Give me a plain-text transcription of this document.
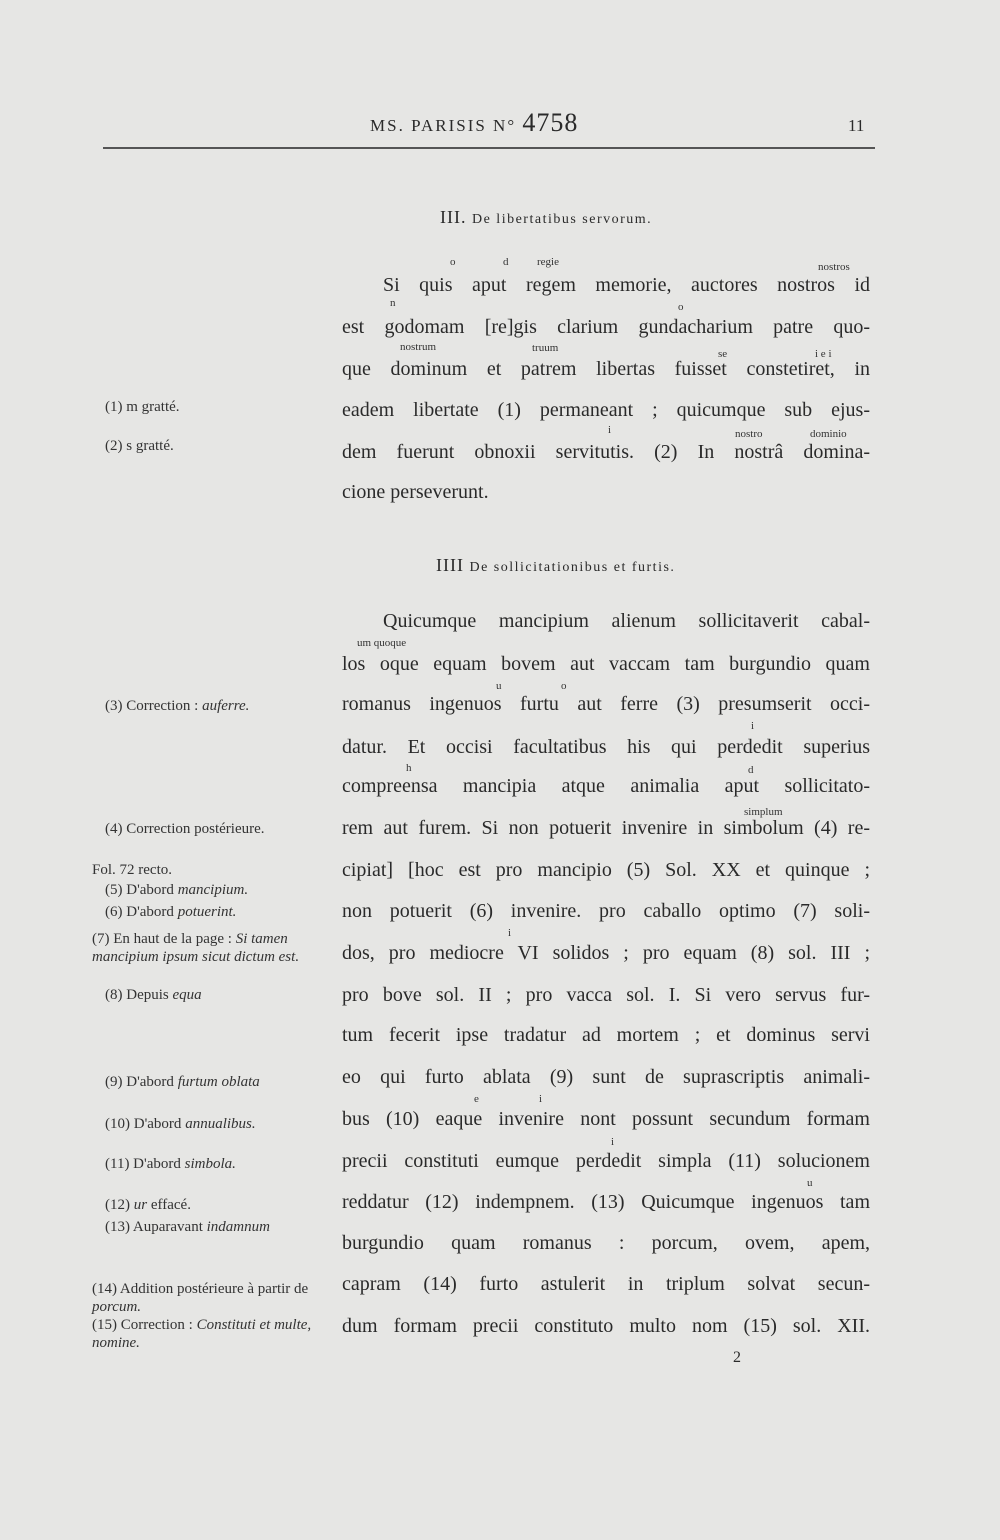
MS. PARISIS N° 4758	11
III. De libertatibus servorum.
o	d	regie	nostros
Si quis aput regem memorie, auctores nostros id
n	o
est godomam [re]gis clarium gundacharium patre quo-
nostrum	truum	se	i e i
que dominum et patrem libertas fuisset constetiret, in
eadem libertate (1) permaneant ; quicumque sub ejus-
i	nostro	dominio
dem fuerunt obnoxii servitutis. (2) In nostrâ domina-
cione perseverunt.
IIII De sollicitationibus et furtis.
Quicumque mancipium alienum sollicitaverit cabal-
um quoque
los oque equam bovem aut vaccam tam burgundio quam
u	o
romanus ingenuos furtu aut ferre (3) presumserit occi-
i
datur. Et occisi facultatibus his qui perdedit superius
h	d
compreensa mancipia atque animalia aput sollicitato-
simplum
rem aut furem. Si non potuerit invenire in simbolum (4) re-
cipiat] [hoc est pro mancipio (5) Sol. XX et quinque ;
non potuerit (6) invenire. pro caballo optimo (7) soli-
i
dos, pro mediocre VI solidos ; pro equam (8) sol. III ;
pro bove sol. II ; pro vacca sol. I. Si vero servus fur-
tum fecerit ipse tradatur ad mortem ; et dominus servi
eo qui furto ablata (9) sunt de suprascriptis animali-
e	i
bus (10) eaque invenire nont possunt secundum formam
i
precii constituti eumque perdedit simpla (11) solucionem
u
reddatur (12) indempnem. (13) Quicumque ingenuos tam
burgundio quam romanus : porcum, ovem, apem,
capram (14) furto astulerit in triplum solvat secun-
dum formam precii constituto multo nom (15) sol. XII.
(1) m gratté.
(2) s gratté.
(3) Correction : auferre.
(4) Correction postérieure.
Fol. 72 recto.
(5) D'abord mancipium.
(6) D'abord potuerint.
(7) En haut de la page : Si tamen mancipium ipsum sicut dictum est.
(8) Depuis equa
(9) D'abord furtum oblata
(10) D'abord annualibus.
(11) D'abord simbola.
(12) ur effacé.
(13) Auparavant indamnum
(14) Addition postérieure à partir de porcum.
(15) Correction : Constituti et multe, nomine.
2
